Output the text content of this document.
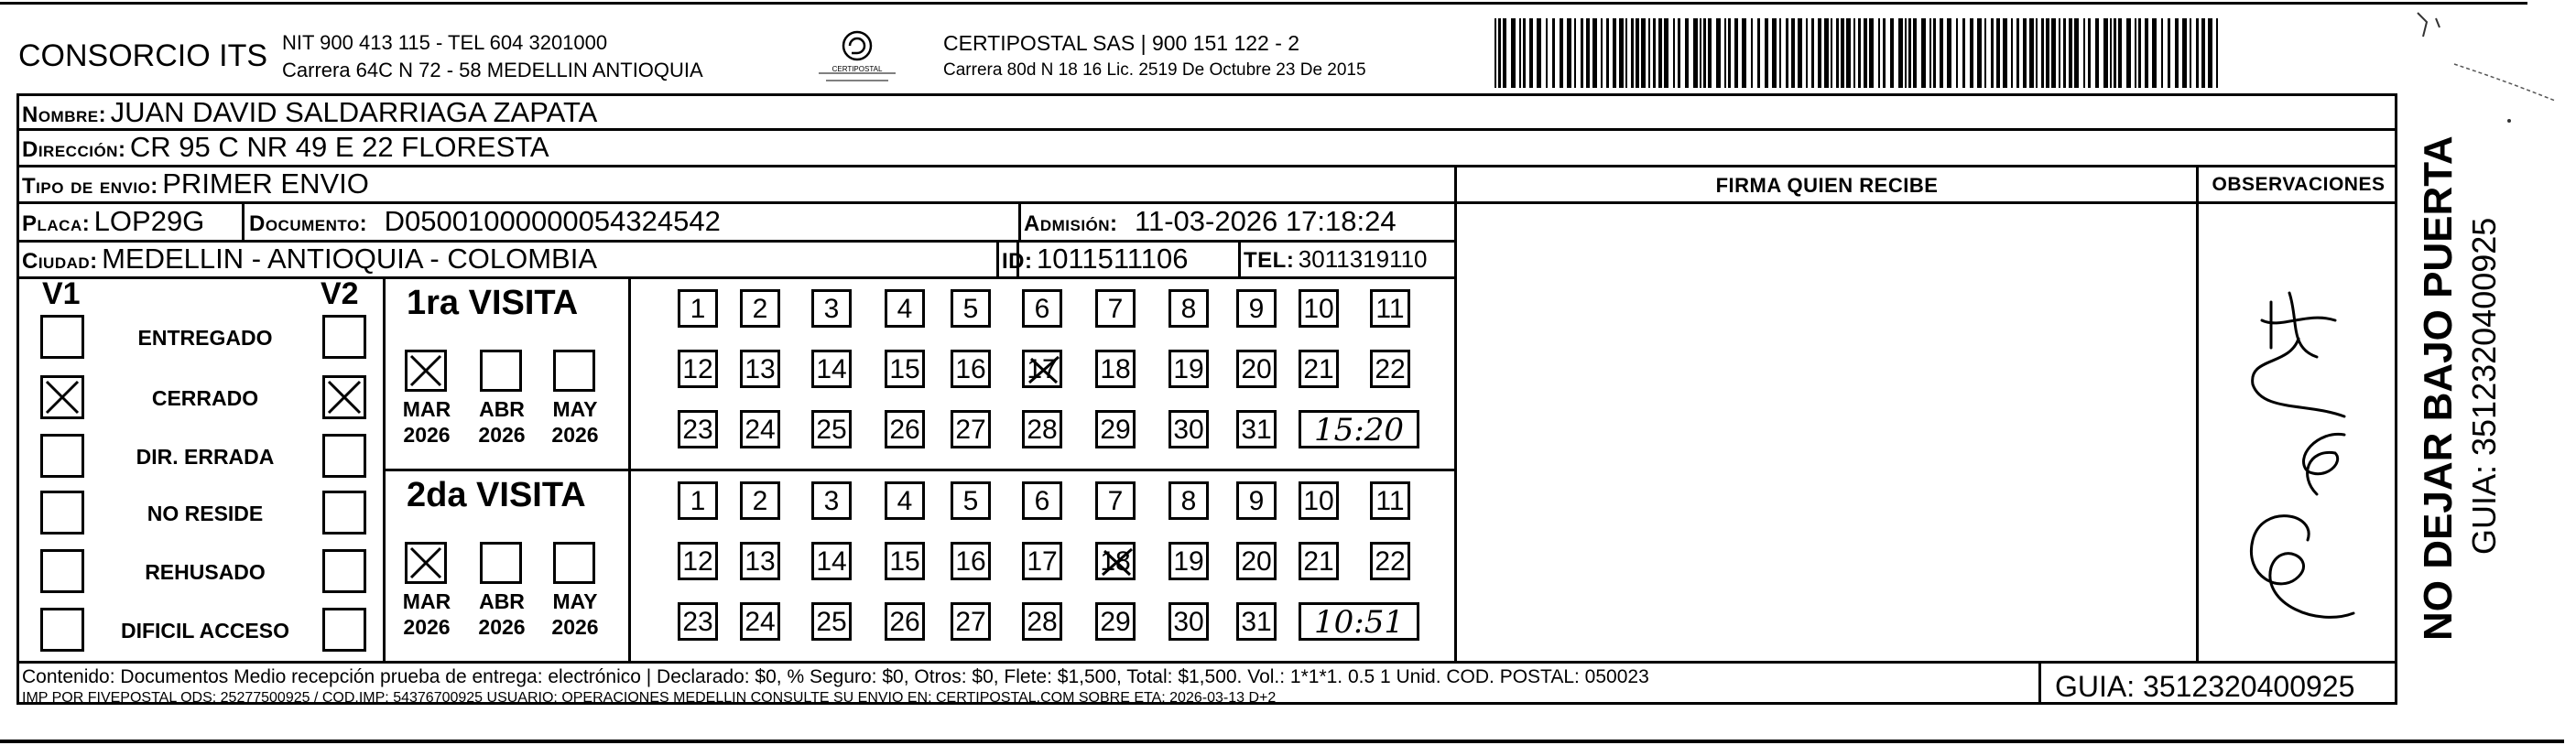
CONSORCIO ITS NIT 900 413 115 - TEL 604 3201000
Carrera 64C N 72 - 58 MEDELLIN ANTIOQUIA	CERTIPOSTAL
CERTIPOSTAL SAS | 900 151 122 - 2
Carrera 80d N 18 16 Lic. 2519 De Octubre 23 De 2015
Nombre: JUAN DAVID SALDARRIAGA ZAPATA
Dirección: CR 95 C NR 49 E 22 FLORESTA
Tipo de envio: PRIMER ENVIO	FIRMA QUIEN RECIBE	OBSERVACIONES
Placa: LOP29G Documento: D05001000000054324542	Admisión: 11-03-2026 17:18:24
Ciudad: MEDELLIN - ANTIOQUIA - COLOMBIA	ID: 1011511106	TEL: 3011319110
V1	V2
ENTREGADO
CERRADO
DIR. ERRADA
NO RESIDE
REHUSADO
DIFICIL ACCESO
1ra VISITA
MAR
2026
ABR
2026
MAY
2026
1	2	3	4	5	6	7	8	9	10 11
12 13 14 15 16 17 18 19 20 21 22
23 24 25 26 27 28 29 30 31	15:20
2da VISITA
MAR
2026
ABR
2026
MAY
2026
1	2	3	4	5	6	7	8	9	10 11
12 13 14 15 16 17 18 19 20 21 22
23 24 25 26 27 28 29 30 31	10:51
Contenido: Documentos Medio recepción prueba de entrega: electrónico | Declarado: $0, % Seguro: $0, Otros: $0, Flete: $1,500, Total: $1,500. Vol.: 1*1*1. 0.5 1 Unid. COD. POSTAL: 050023
IMP POR FIVEPOSTAL ODS: 25277500925 / COD.IMP: 54376700925 USUARIO: OPERACIONES MEDELLIN CONSULTE SU ENVIO EN: CERTIPOSTAL.COM SOBRE ETA: 2026-03-13 D+2	GUIA: 3512320400925
NO DEJAR BAJO PUERTA GUIA: 3512320400925
